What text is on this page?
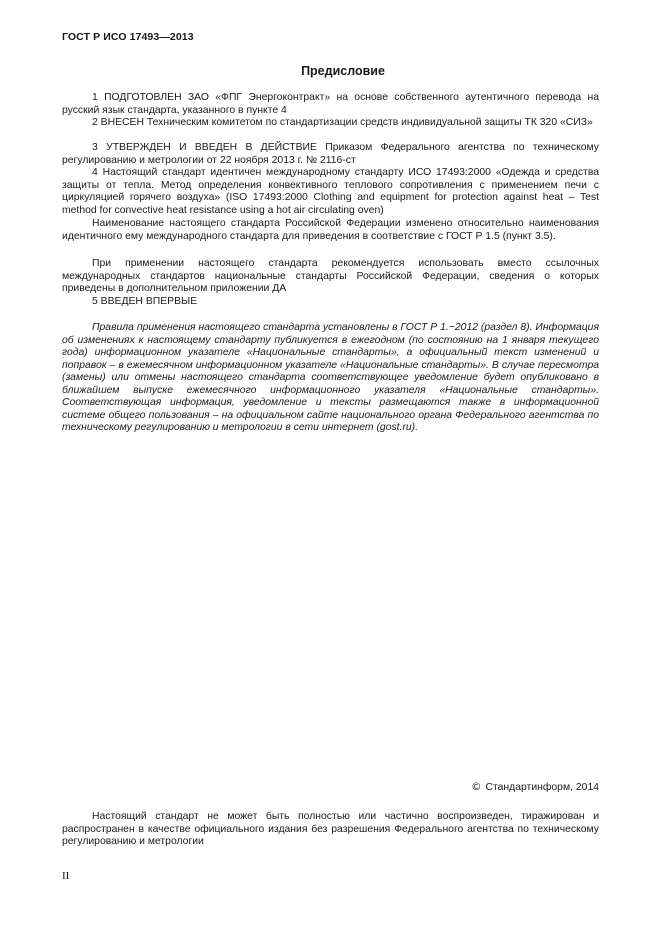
ГОСТ Р ИСО 17493—2013
Предисловие

1 ПОДГОТОВЛЕН ЗАО «ФПГ Энергоконтракт» на основе собственного аутентичного перевода на русский язык стандарта, указанного в пункте 4

2 ВНЕСЕН Техническим комитетом по стандартизации средств индивидуальной защиты ТК 320 «СИЗ»

3 УТВЕРЖДЕН И ВВЕДЕН В ДЕЙСТВИЕ Приказом Федерального агентства по техническому регулированию и метрологии от 22 ноября 2013 г. № 2116-ст

4 Настоящий стандарт идентичен международному стандарту ИСО 17493:2000 «Одежда и средства защиты от тепла. Метод определения конвективного теплового сопротивления с применением печи с циркуляцией горячего воздуха» (ISO 17493:2000 Clothing and equipment for protection against heat – Test method for convective heat resistance using a hot air circulating oven)

Наименование настоящего стандарта Российской Федерации изменено относительно наименования идентичного ему международного стандарта для приведения в соответствие с ГОСТ Р 1.5 (пункт 3.5).

При применении настоящего стандарта рекомендуется использовать вместо ссылочных международных стандартов национальные стандарты Российской Федерации, сведения о которых приведены в дополнительном приложении ДА

5 ВВЕДЕН ВПЕРВЫЕ

Правила применения настоящего стандарта установлены в ГОСТ Р 1.−2012 (раздел 8). Информация об изменениях к настоящему стандарту публикуется в ежегодном (по состоянию на 1 января текущего года) информационном указателе «Национальные стандарты», а официальный текст изменений и поправок – в ежемесячном информационном указателе «Национальные стандарты». В случае пересмотра (замены) или отмены настоящего стандарта соответствующее уведомление будет опубликовано в ближайшем выпуске ежемесячного информационного указателя «Национальные стандарты». Соответствующая информация, уведомление и тексты размещаются также в информационной системе общего пользования – на официальном сайте национального органа Федерального агентства по техническому регулированию и метрологии в сети интернет (gost.ru).

© Стандартинформ, 2014

Настоящий стандарт не может быть полностью или частично воспроизведен, тиражирован и распространен в качестве официального издания без разрешения Федерального агентства по техническому регулированию и метрологии

II
